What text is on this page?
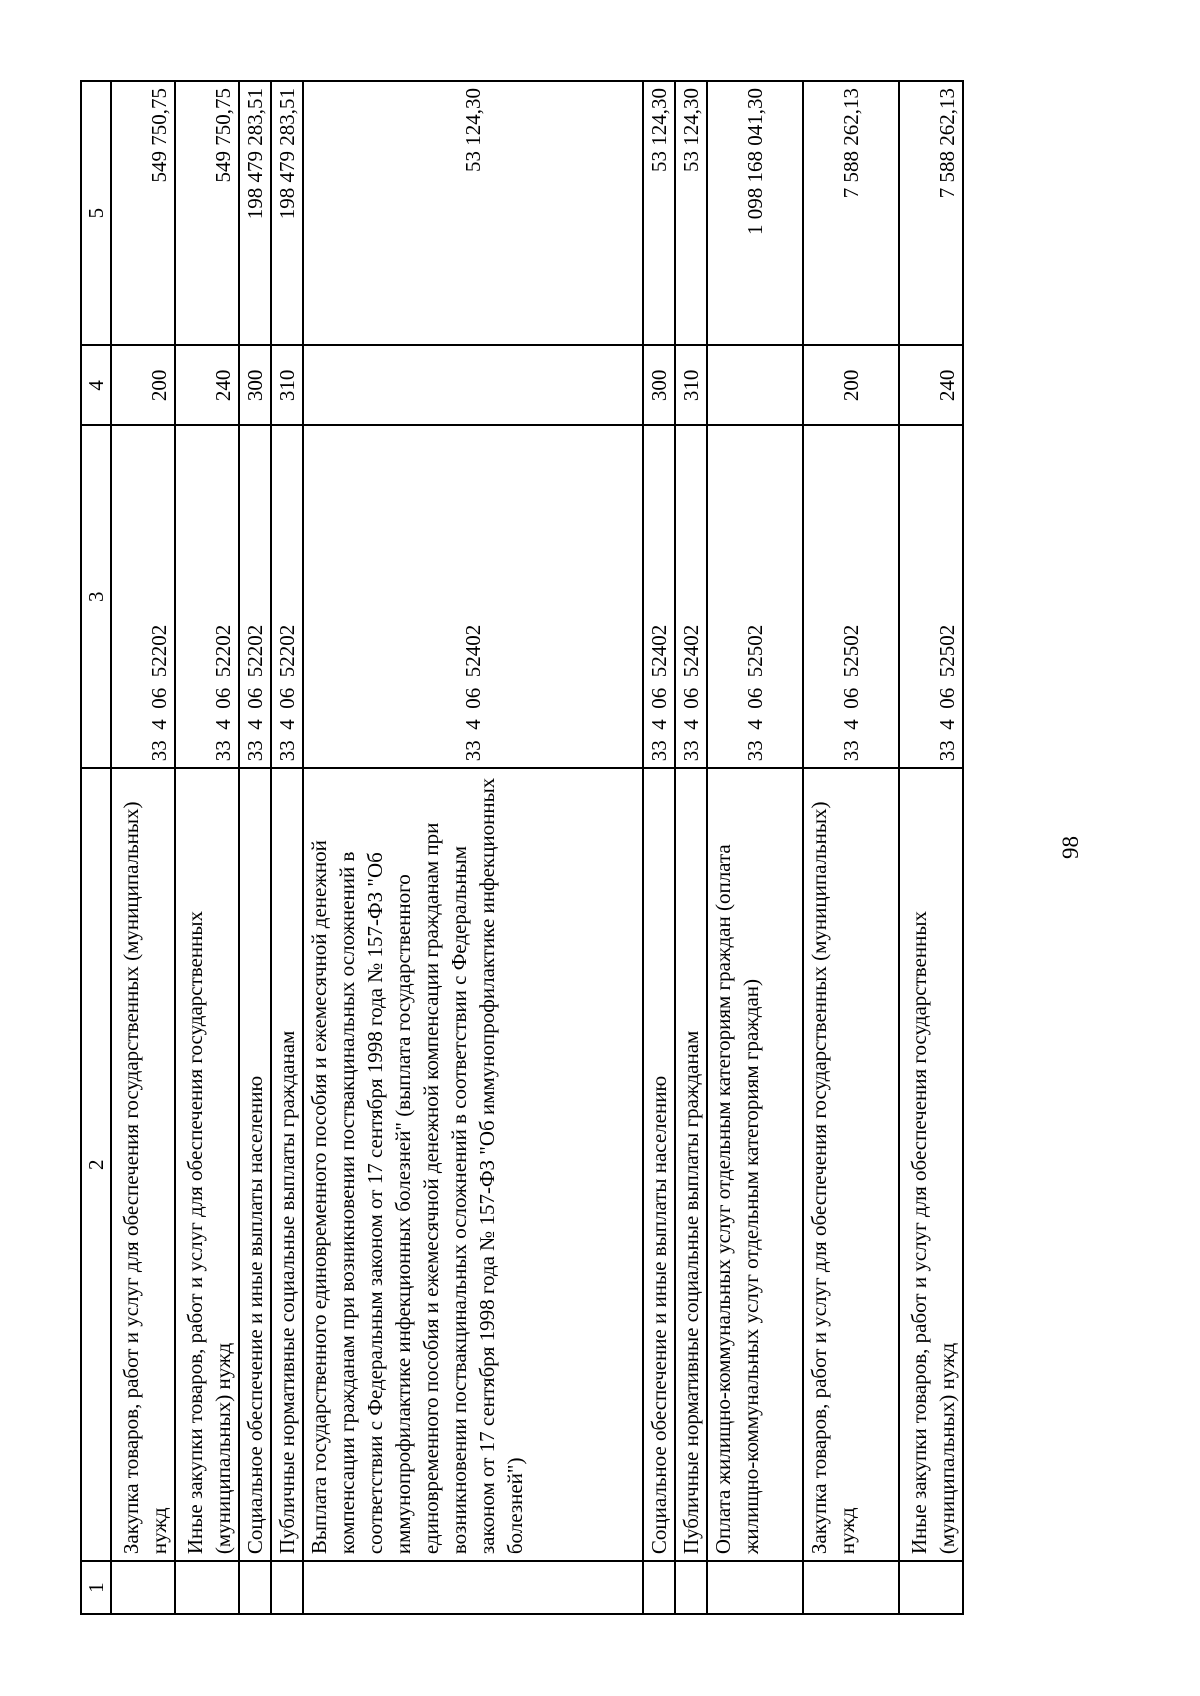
1	2	3	4	5
	Закупка товаров, работ и услуг для обеспечения государственных (муниципальных) нужд	33  4  06  52202	200	549 750,75
	Иные закупки товаров, работ и услуг для обеспечения государственных (муниципальных) нужд	33  4  06  52202	240	549 750,75
	Социальное обеспечение и иные выплаты населению	33  4  06  52202	300	198 479 283,51
	Публичные нормативные социальные выплаты гражданам	33  4  06  52202	310	198 479 283,51
	Выплата государственного единовременного пособия и ежемесячной денежной компенсации гражданам при возникновении поствакцинальных осложнений в соответствии с Федеральным законом от 17 сентября 1998 года № 157-ФЗ "Об иммунопрофилактике инфекционных болезней" (выплата государственного единовременного пособия и ежемесячной денежной компенсации гражданам при возникновении поствакцинальных осложнений в соответствии с Федеральным законом от 17 сентября 1998 года № 157-ФЗ "Об иммунопрофилактике инфекционных болезней")	33  4  06  52402		53 124,30
	Социальное обеспечение и иные выплаты населению	33  4  06  52402	300	53 124,30
	Публичные нормативные социальные выплаты гражданам	33  4  06  52402	310	53 124,30
	Оплата жилищно-коммунальных услуг отдельным категориям граждан (оплата жилищно-коммунальных услуг отдельным категориям граждан)	33  4  06  52502		1 098 168 041,30
	Закупка товаров, работ и услуг для обеспечения государственных (муниципальных) нужд	33  4  06  52502	200	7 588 262,13
	Иные закупки товаров, работ и услуг для обеспечения государственных (муниципальных) нужд	33  4  06  52502	240	7 588 262,13
98
